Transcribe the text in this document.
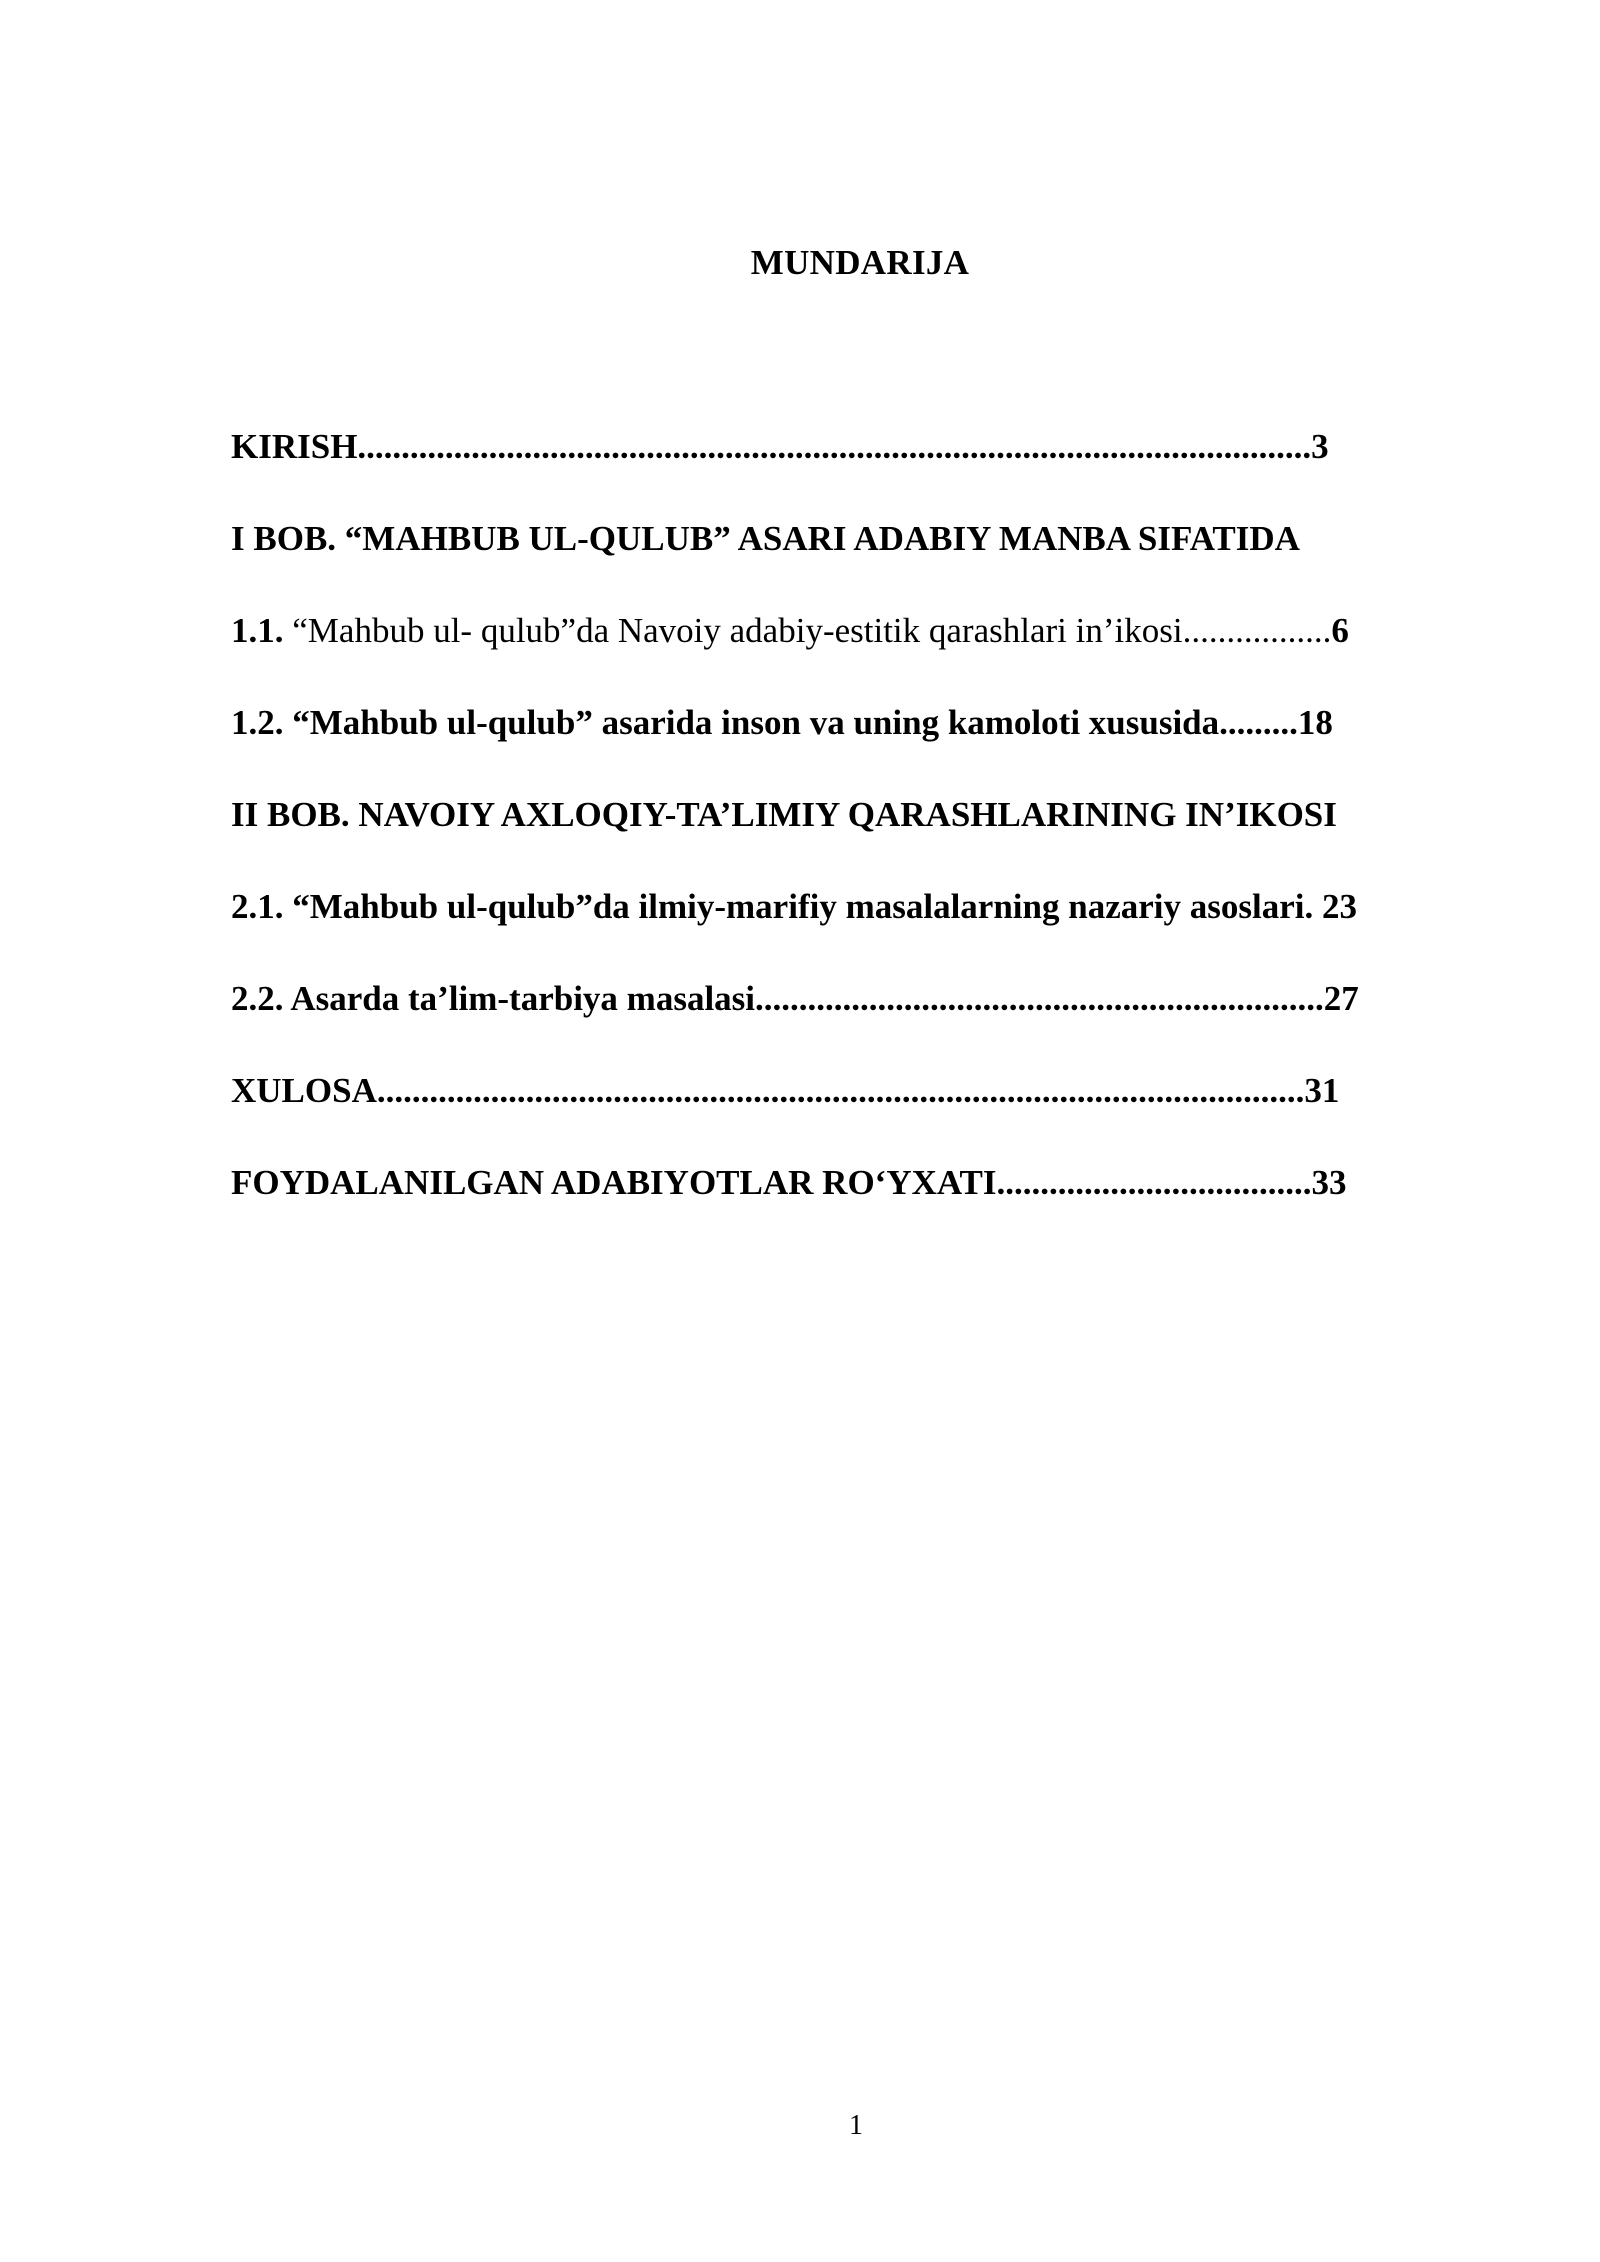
MUNDARIJA
KIRISH.............................................................................................................3
I BOB. “MAHBUB UL-QULUB” ASARI ADABIY MANBA SIFATIDA
1.1. “Mahbub ul- qulub”da Navoiy adabiy-estitik qarashlari in’ikosi.................6
1.2. “Mahbub ul-qulub” asarida inson va uning kamoloti xususida.........18
II BOB. NAVOIY AXLOQIY-TA’LIMIY QARASHLARINING IN’IKOSI
2.1. “Mahbub ul-qulub”da ilmiy-marifiy masalalarning nazariy asoslari. 23
2.2. Asarda ta’lim-tarbiya masalasi.................................................................27
XULOSA..........................................................................................................31
FOYDALANILGAN ADABIYOTLAR RO‘YXATI....................................33
1
